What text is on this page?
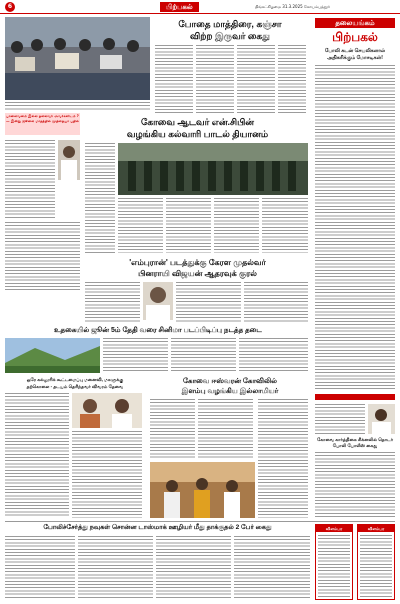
6	பிற்பகல்	திங்கட்கிழமை 31.3.2025 கோயம்புத்தூர்
போதை மாத்திரை, கஞ்சா
விற்ற இருவர் கைது
தலையங்கம்
பிற்பகல்
போலி கடன் செயலிகளால்
அதிகரிக்கும் மோசடிகள்!
பாலைவனம் இல்ல தலைவர் அவர்களிடம் ? — இன்று ஜூலை மாதத்தில் முத்தையா பதில்	கோவை ஆடவர் என்.சிபின்
வழங்கிய கல்வாரி பாடல் தியானம்
'எம்புரான்' படத்துக்கு கேரள முதல்வர்
பினராயி விஜயன் ஆதரவுக் குரல்
உதகையில் ஜூன் 5ம் தேதி வரை சினிமா படப்பிடிப்பு நடத்த தடை
ஒரே கல்லூரிக் கூட்டமைப்பு மனைவி, மகளுக்கு
தற்கொலை - தடயம் தெரிந்தவர் விவரம் தேவை
கோவை ஈஸ்வரன் கோவிலில்
இளம்பு வழங்கிய இல்லாமியர்
கோவை கார்த்திகை சிக்னலில் தொடர் போலி போலீஸ் கைது
போலிச்சேர்த்து நவுகள் சொன்ன டாஸ்மாக் ஊழியர் மீது தாக்குதல் 2 பேர் கைது	விளம்பர	விளம்பர
